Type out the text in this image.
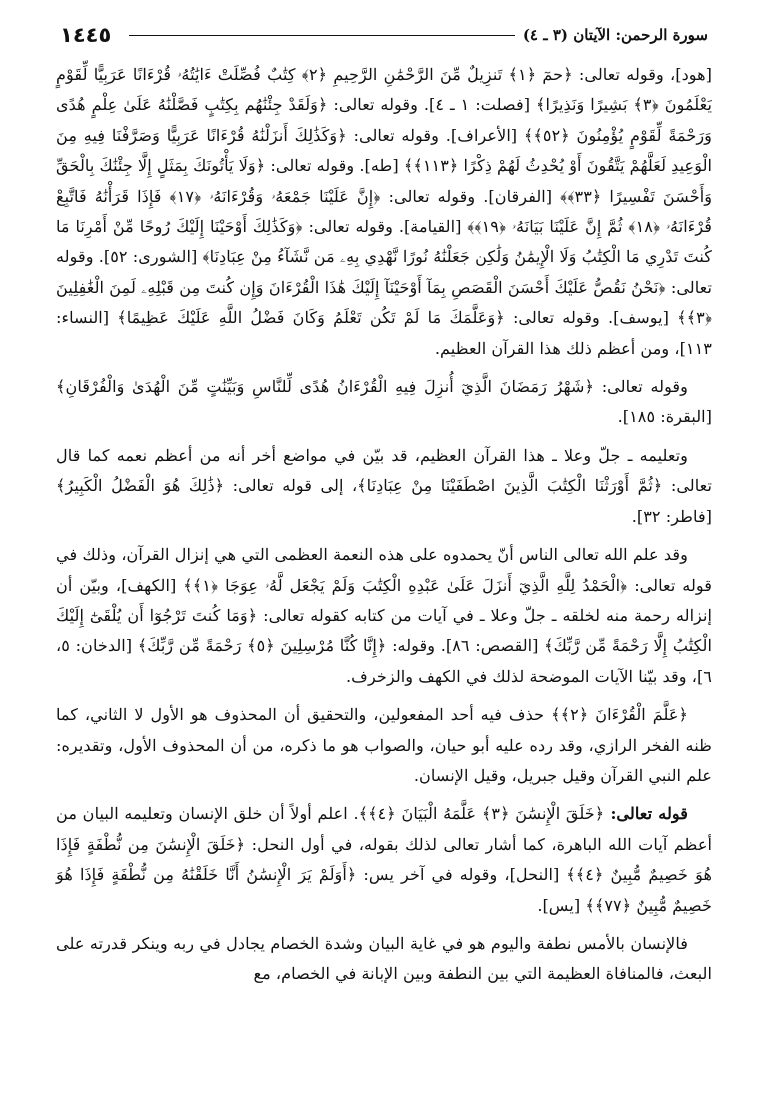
١٤٤٥	سورة الرحمن: الآيتان (٣ ـ ٤)

[هود]، وقوله تعالى: ﴿حمٓ ﴿١﴾ تَنزِيلٌ مِّنَ الرَّحْمَٰنِ الرَّحِيمِ ﴿٢﴾ كِتَٰبٌ فُصِّلَتْ ءَايَٰتُهُۥ قُرْءَانًا عَرَبِيًّا لِّقَوْمٍ يَعْلَمُونَ ﴿٣﴾ بَشِيرًا وَنَذِيرًا﴾ [فصلت: ١ ـ ٤]. وقوله تعالى: ﴿وَلَقَدْ جِئْنَٰهُم بِكِتَٰبٍ فَصَّلْنَٰهُ عَلَىٰ عِلْمٍ هُدًى وَرَحْمَةً لِّقَوْمٍ يُؤْمِنُونَ ﴿٥٢﴾﴾ [الأعراف]. وقوله تعالى: ﴿وَكَذَٰلِكَ أَنزَلْنَٰهُ قُرْءَانًا عَرَبِيًّا وَصَرَّفْنَا فِيهِ مِنَ الْوَعِيدِ لَعَلَّهُمْ يَتَّقُونَ أَوْ يُحْدِثُ لَهُمْ ذِكْرًا ﴿١١٣﴾﴾ [طه]. وقوله تعالى: ﴿وَلَا يَأْتُونَكَ بِمَثَلٍ إِلَّا جِئْنَٰكَ بِالْحَقِّ وَأَحْسَنَ تَفْسِيرًا ﴿٣٣﴾﴾ [الفرقان]. وقوله تعالى: ﴿إِنَّ عَلَيْنَا جَمْعَهُۥ وَقُرْءَانَهُۥ ﴿١٧﴾ فَإِذَا قَرَأْنَٰهُ فَاتَّبِعْ قُرْءَانَهُۥ ﴿١٨﴾ ثُمَّ إِنَّ عَلَيْنَا بَيَانَهُۥ ﴿١٩﴾﴾ [القيامة]. وقوله تعالى: ﴿وَكَذَٰلِكَ أَوْحَيْنَا إِلَيْكَ رُوحًا مِّنْ أَمْرِنَا مَا كُنتَ تَدْرِي مَا الْكِتَٰبُ وَلَا الْإِيمَٰنُ وَلَٰكِن جَعَلْنَٰهُ نُورًا نَّهْدِي بِهِۦ مَن نَّشَآءُ مِنْ عِبَادِنَا﴾ [الشورى: ٥٢]. وقوله تعالى: ﴿نَحْنُ نَقُصُّ عَلَيْكَ أَحْسَنَ الْقَصَصِ بِمَآ أَوْحَيْنَآ إِلَيْكَ هَٰذَا الْقُرْءَانَ وَإِن كُنتَ مِن قَبْلِهِۦ لَمِنَ الْغَٰفِلِينَ ﴿٣﴾﴾ [يوسف]. وقوله تعالى: ﴿وَعَلَّمَكَ مَا لَمْ تَكُن تَعْلَمُ وَكَانَ فَضْلُ اللَّهِ عَلَيْكَ عَظِيمًا﴾ [النساء: ١١٣]، ومن أعظم ذلك هذا القرآن العظيم.

وقوله تعالى: ﴿شَهْرُ رَمَضَانَ الَّذِيٓ أُنزِلَ فِيهِ الْقُرْءَانُ هُدًى لِّلنَّاسِ وَبَيِّنَٰتٍ مِّنَ الْهُدَىٰ وَالْفُرْقَانِ﴾ [البقرة: ١٨٥].

وتعليمه ـ جلّ وعلا ـ هذا القرآن العظيم، قد بيّن في مواضع أخر أنه من أعظم نعمه كما قال تعالى: ﴿ثُمَّ أَوْرَثْنَا الْكِتَٰبَ الَّذِينَ اصْطَفَيْنَا مِنْ عِبَادِنَا﴾، إلى قوله تعالى: ﴿ذَٰلِكَ هُوَ الْفَضْلُ الْكَبِيرُ﴾ [فاطر: ٣٢].

وقد علم الله تعالى الناس أنّ يحمدوه على هذه النعمة العظمى التي هي إنزال القرآن، وذلك في قوله تعالى: ﴿الْحَمْدُ لِلَّهِ الَّذِيٓ أَنزَلَ عَلَىٰ عَبْدِهِ الْكِتَٰبَ وَلَمْ يَجْعَل لَّهُۥ عِوَجَا ﴿١﴾﴾ [الكهف]، وبيّن أن إنزاله رحمة منه لخلقه ـ جلّ وعلا ـ في آيات من كتابه كقوله تعالى: ﴿وَمَا كُنتَ تَرْجُوٓا أَن يُلْقَىٰٓ إِلَيْكَ الْكِتَٰبُ إِلَّا رَحْمَةً مِّن رَّبِّكَ﴾ [القصص: ٨٦]. وقوله: ﴿إِنَّا كُنَّا مُرْسِلِينَ ﴿٥﴾ رَحْمَةً مِّن رَّبِّكَ﴾ [الدخان: ٥، ٦]، وقد بيّنا الآيات الموضحة لذلك في الكهف والزخرف.

﴿عَلَّمَ الْقُرْءَانَ ﴿٢﴾﴾ حذف فيه أحد المفعولين، والتحقيق أن المحذوف هو الأول لا الثاني، كما ظنه الفخر الرازي، وقد رده عليه أبو حيان، والصواب هو ما ذكره، من أن المحذوف الأول، وتقديره: علم النبي القرآن وقيل جبريل، وقيل الإنسان.

قوله تعالى: ﴿خَلَقَ الْإِنسَٰنَ ﴿٣﴾ عَلَّمَهُ الْبَيَانَ ﴿٤﴾﴾. اعلم أولاً أن خلق الإنسان وتعليمه البيان من أعظم آيات الله الباهرة، كما أشار تعالى لذلك بقوله، في أول النحل: ﴿خَلَقَ الْإِنسَٰنَ مِن نُّطْفَةٍ فَإِذَا هُوَ خَصِيمٌ مُّبِينٌ ﴿٤﴾﴾ [النحل]، وقوله في آخر يس: ﴿أَوَلَمْ يَرَ الْإِنسَٰنُ أَنَّا خَلَقْنَٰهُ مِن نُّطْفَةٍ فَإِذَا هُوَ خَصِيمٌ مُّبِينٌ ﴿٧٧﴾﴾ [يس].

فالإنسان بالأمس نطفة واليوم هو في غاية البيان وشدة الخصام يجادل في ربه وينكر قدرته على البعث، فالمنافاة العظيمة التي بين النطفة وبين الإبانة في الخصام، مع
